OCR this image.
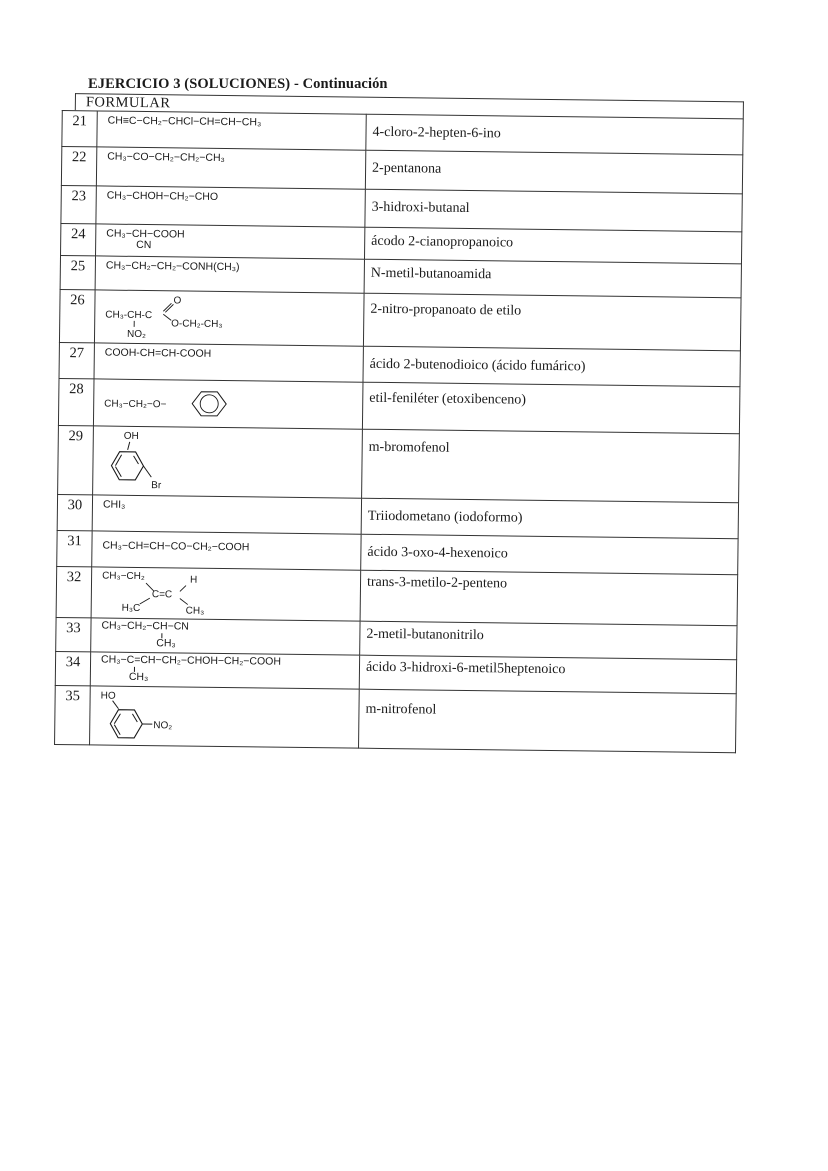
EJERCICIO 3 (SOLUCIONES) - Continuación
FORMULAR
21	CH≡C−CH₂−CHCl−CH=CH−CH₃	4-cloro-2-hepten-6-ino
22	CH₃−CO−CH₂−CH₂−CH₃	2-pentanona
23	CH₃−CHOH−CH₂−CHO	3-hidroxi-butanal
24	CH₃−CH−COOH
CN	ácodo 2-cianopropanoico
25	CH₃−CH₂−CH₂−CONH(CH₃)	N-metil-butanoamida
26	CH₃-CH-C
O
O-CH₂-CH₃
NO₂	2-nitro-propanoato de etilo
27	COOH-CH=CH-COOH	ácido 2-butenodioico (ácido fumárico)
28	CH₃−CH₂−O−	etil-feniléter (etoxibenceno)
29	OH
Br	m-bromofenol
30	CHI₃	Triiodometano (iodoformo)
31	CH₃−CH=CH−CO−CH₂−COOH	ácido 3-oxo-4-hexenoico
32	CH₃−CH₂ H
C=C
H₃C CH₃	trans-3-metilo-2-penteno
33	CH₃−CH₂−CH−CN
CH₃	2-metil-butanonitrilo
34	CH₃−C=CH−CH₂−CHOH−CH₂−COOH
CH₃	ácido 3-hidroxi-6-metil5heptenoico
35	HO
NO₂	m-nitrofenol
